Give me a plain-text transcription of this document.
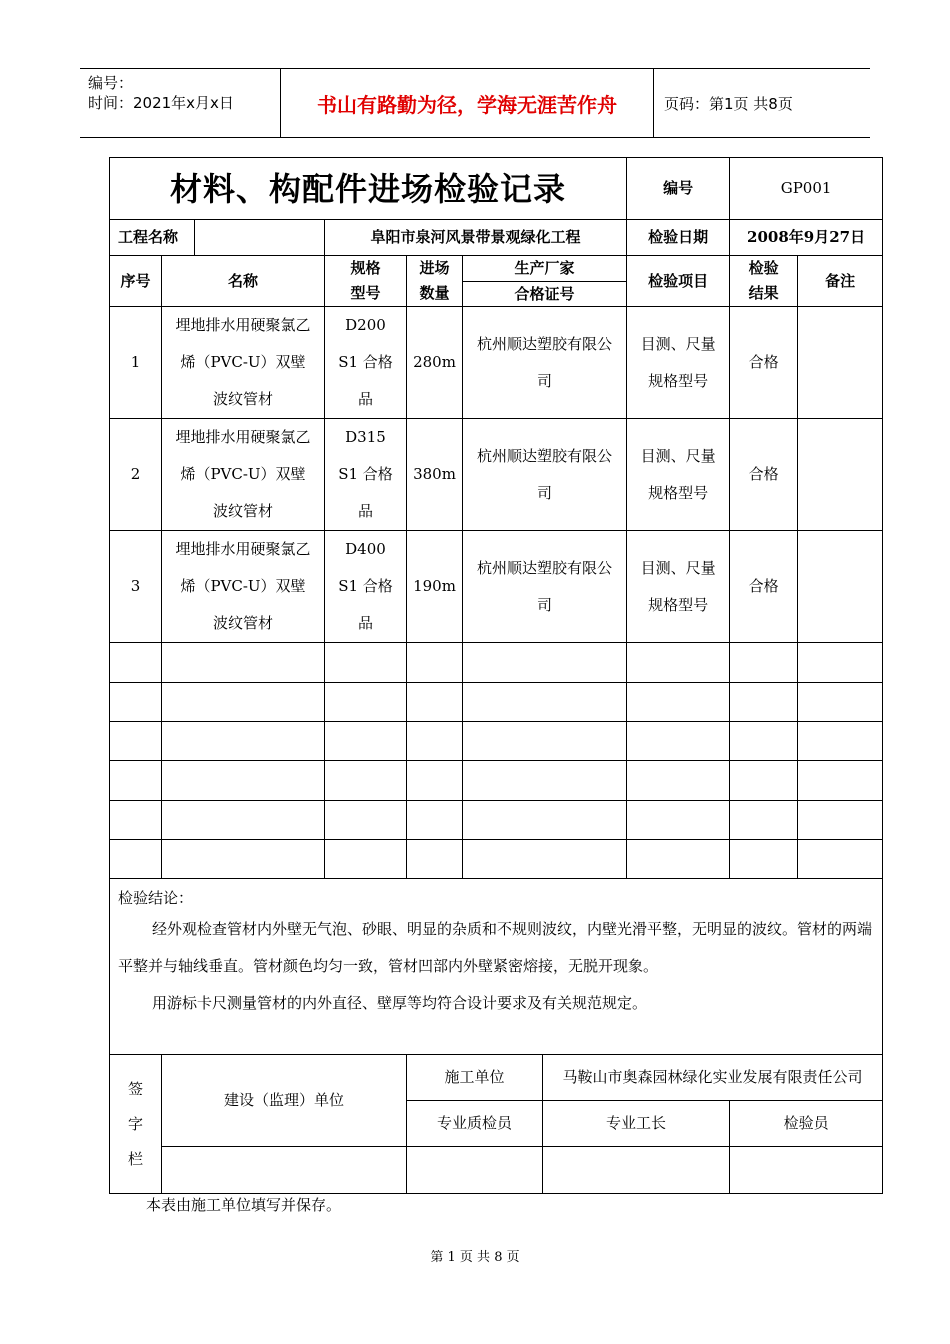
编号：
时间：2021年x月x日	书山有路勤为径，学海无涯苦作舟	页码：第1页 共8页
材料、构配件进场检验记录						编号	GP001	
工程名称		阜阳市泉河风景带景观绿化工程				检验日期	2008年9月27日	
序号	名称	规格型号	进场数量	生产厂家		检验项目	检验结果	备注
				合格证号				
1	埋地排水用硬聚氯乙烯（PVC-U）双壁波纹管材	D200 S1 合格品	280m	杭州顺达塑胶有限公司		目测、尺量规格型号	合格	
2	埋地排水用硬聚氯乙烯（PVC-U）双壁波纹管材	D315 S1 合格品	380m	杭州顺达塑胶有限公司		目测、尺量规格型号	合格	
3	埋地排水用硬聚氯乙烯（PVC-U）双壁波纹管材	D400 S1 合格品	190m	杭州顺达塑胶有限公司		目测、尺量规格型号	合格	

检验结论：

经外观检查管材内外壁无气泡、砂眼、明显的杂质和不规则波纹，内壁光滑平整，无明显的波纹。管材的两端平整并与轴线垂直。管材颜色均匀一致，管材凹部内外壁紧密熔接，无脱开现象。

用游标卡尺测量管材的内外直径、壁厚等均符合设计要求及有关规范规定。								

签字栏	建设（监理）单位		施工单位		马鞍山市奥森园林绿化实业发展有限责任公司			
			专业质检员		专业工长		检验员	

本表由施工单位填写并保存。
第 1 页 共 8 页
